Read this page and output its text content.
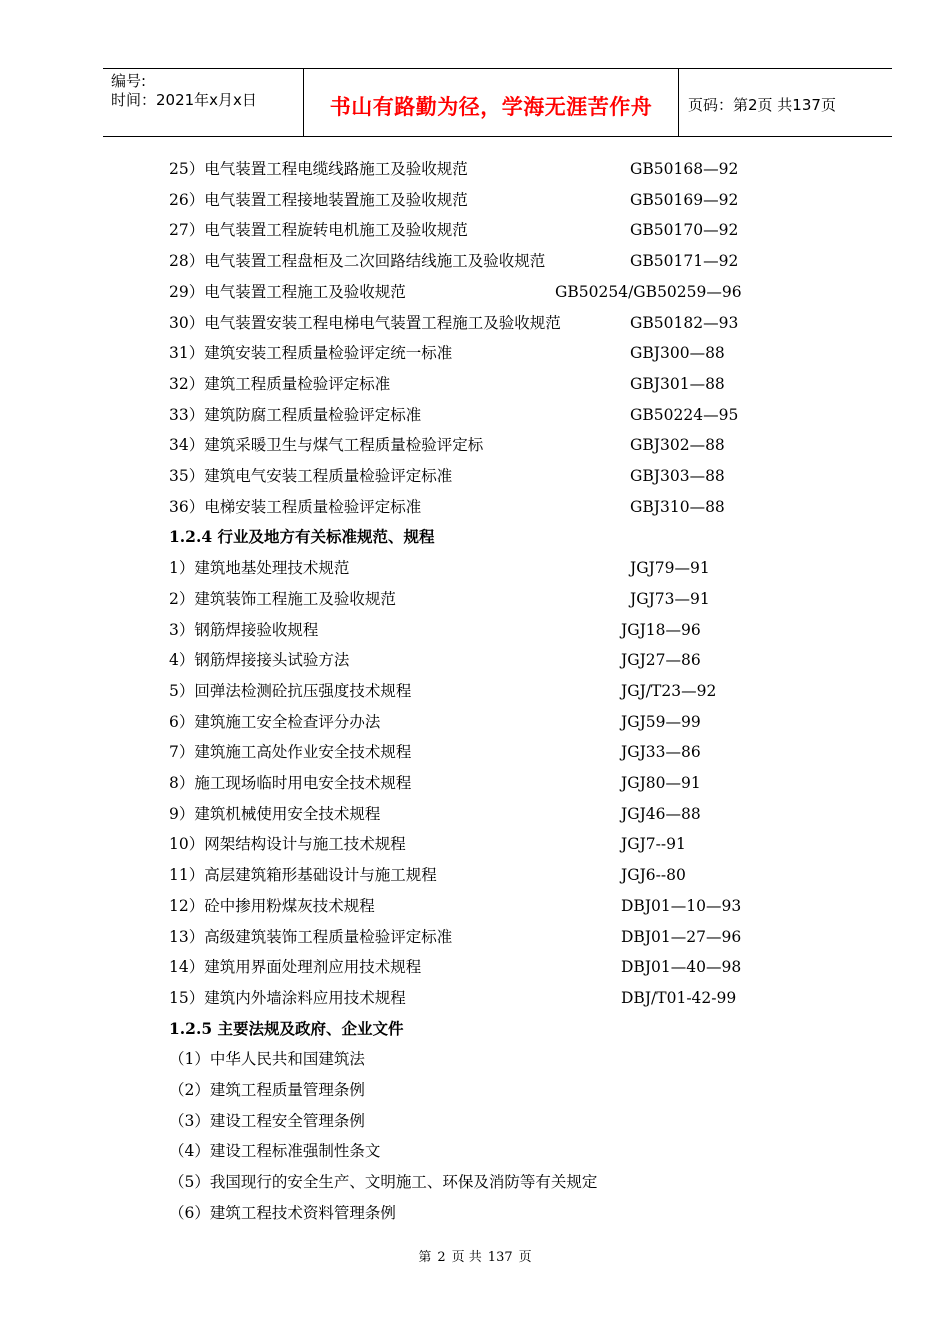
编号:
时间：2021年x月x日	书山有路勤为径，学海无涯苦作舟	页码：第2页 共137页
25）电气装置工程电缆线路施工及验收规范	GB50168—92
26）电气装置工程接地装置施工及验收规范	GB50169—92
27）电气装置工程旋转电机施工及验收规范	GB50170—92
28）电气装置工程盘柜及二次回路结线施工及验收规范	GB50171—92
29）电气装置工程施工及验收规范	GB50254/GB50259—96
30）电气装置安装工程电梯电气装置工程施工及验收规范	GB50182—93
31）建筑安装工程质量检验评定统一标准	GBJ300—88
32）建筑工程质量检验评定标准	GBJ301—88
33）建筑防腐工程质量检验评定标准	GB50224—95
34）建筑采暖卫生与煤气工程质量检验评定标	GBJ302—88
35）建筑电气安装工程质量检验评定标准	GBJ303—88
36）电梯安装工程质量检验评定标准	GBJ310—88
1.2.4 行业及地方有关标准规范、规程
1）建筑地基处理技术规范	JGJ79—91
2）建筑装饰工程施工及验收规范	JGJ73—91
3）钢筋焊接验收规程	JGJ18—96
4）钢筋焊接接头试验方法	JGJ27—86
5）回弹法检测砼抗压强度技术规程	JGJ/T23—92
6）建筑施工安全检查评分办法	JGJ59—99
7）建筑施工高处作业安全技术规程	JGJ33—86
8）施工现场临时用电安全技术规程	JGJ80—91
9）建筑机械使用安全技术规程	JGJ46—88
10）网架结构设计与施工技术规程	JGJ7--91
11）高层建筑箱形基础设计与施工规程	JGJ6--80
12）砼中掺用粉煤灰技术规程	DBJ01—10—93
13）高级建筑装饰工程质量检验评定标准	DBJ01—27—96
14）建筑用界面处理剂应用技术规程	DBJ01—40—98
15）建筑内外墙涂料应用技术规程	DBJ/T01-42-99
1.2.5 主要法规及政府、企业文件
（1）中华人民共和国建筑法
（2）建筑工程质量管理条例
（3）建设工程安全管理条例
（4）建设工程标准强制性条文
（5）我国现行的安全生产、文明施工、环保及消防等有关规定
（6）建筑工程技术资料管理条例
第 2 页 共 137 页
